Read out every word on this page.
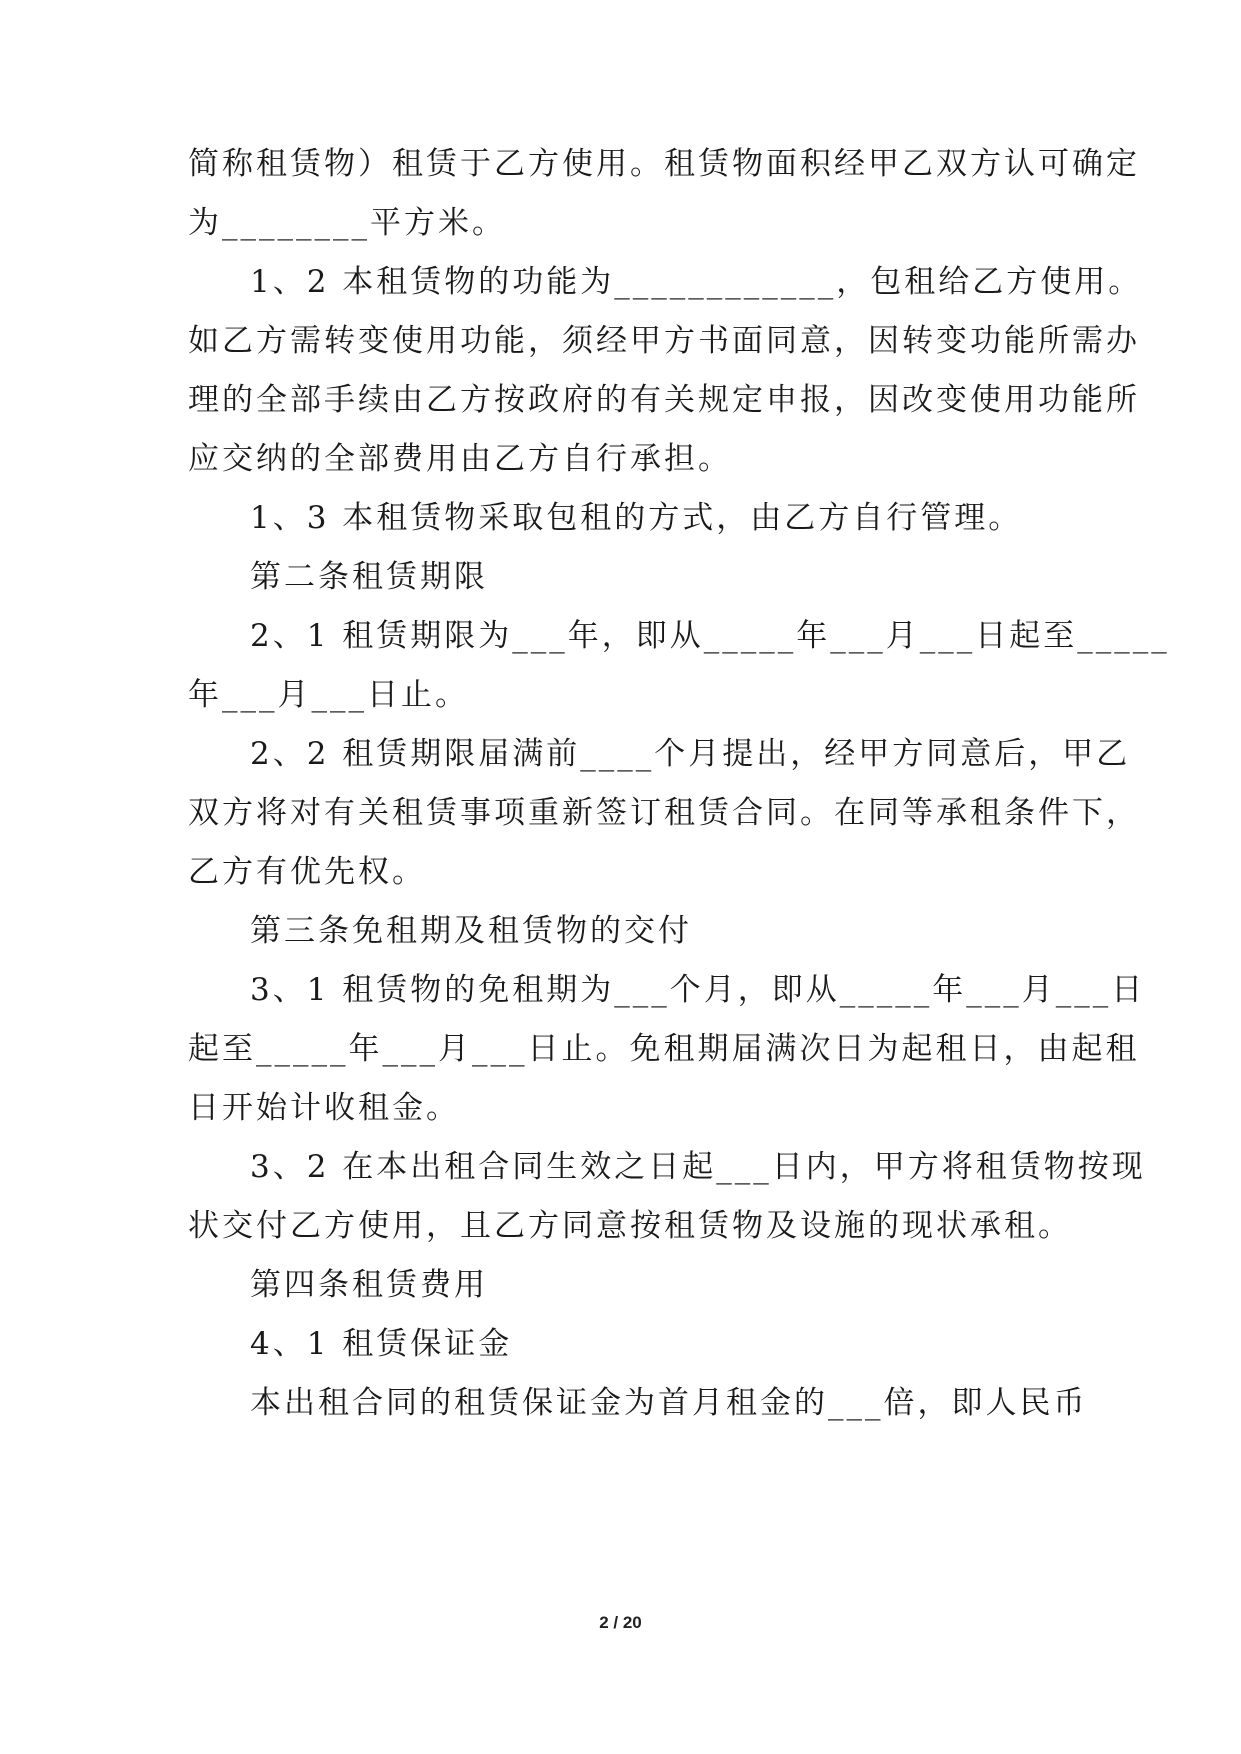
简称租赁物）租赁于乙方使用。租赁物面积经甲乙双方认可确定
为________平方米。
1、2 本租赁物的功能为____________，包租给乙方使用。
如乙方需转变使用功能，须经甲方书面同意，因转变功能所需办
理的全部手续由乙方按政府的有关规定申报，因改变使用功能所
应交纳的全部费用由乙方自行承担。
1、3 本租赁物采取包租的方式，由乙方自行管理。
第二条租赁期限
2、1 租赁期限为___年，即从_____年___月___日起至_____
年___月___日止。
2、2 租赁期限届满前____个月提出，经甲方同意后，甲乙
双方将对有关租赁事项重新签订租赁合同。在同等承租条件下，
乙方有优先权。
第三条免租期及租赁物的交付
3、1 租赁物的免租期为___个月，即从_____年___月___日
起至_____年___月___日止。免租期届满次日为起租日，由起租
日开始计收租金。
3、2 在本出租合同生效之日起___日内，甲方将租赁物按现
状交付乙方使用，且乙方同意按租赁物及设施的现状承租。
第四条租赁费用
4、1 租赁保证金
本出租合同的租赁保证金为首月租金的___倍，即人民币
2 / 20
